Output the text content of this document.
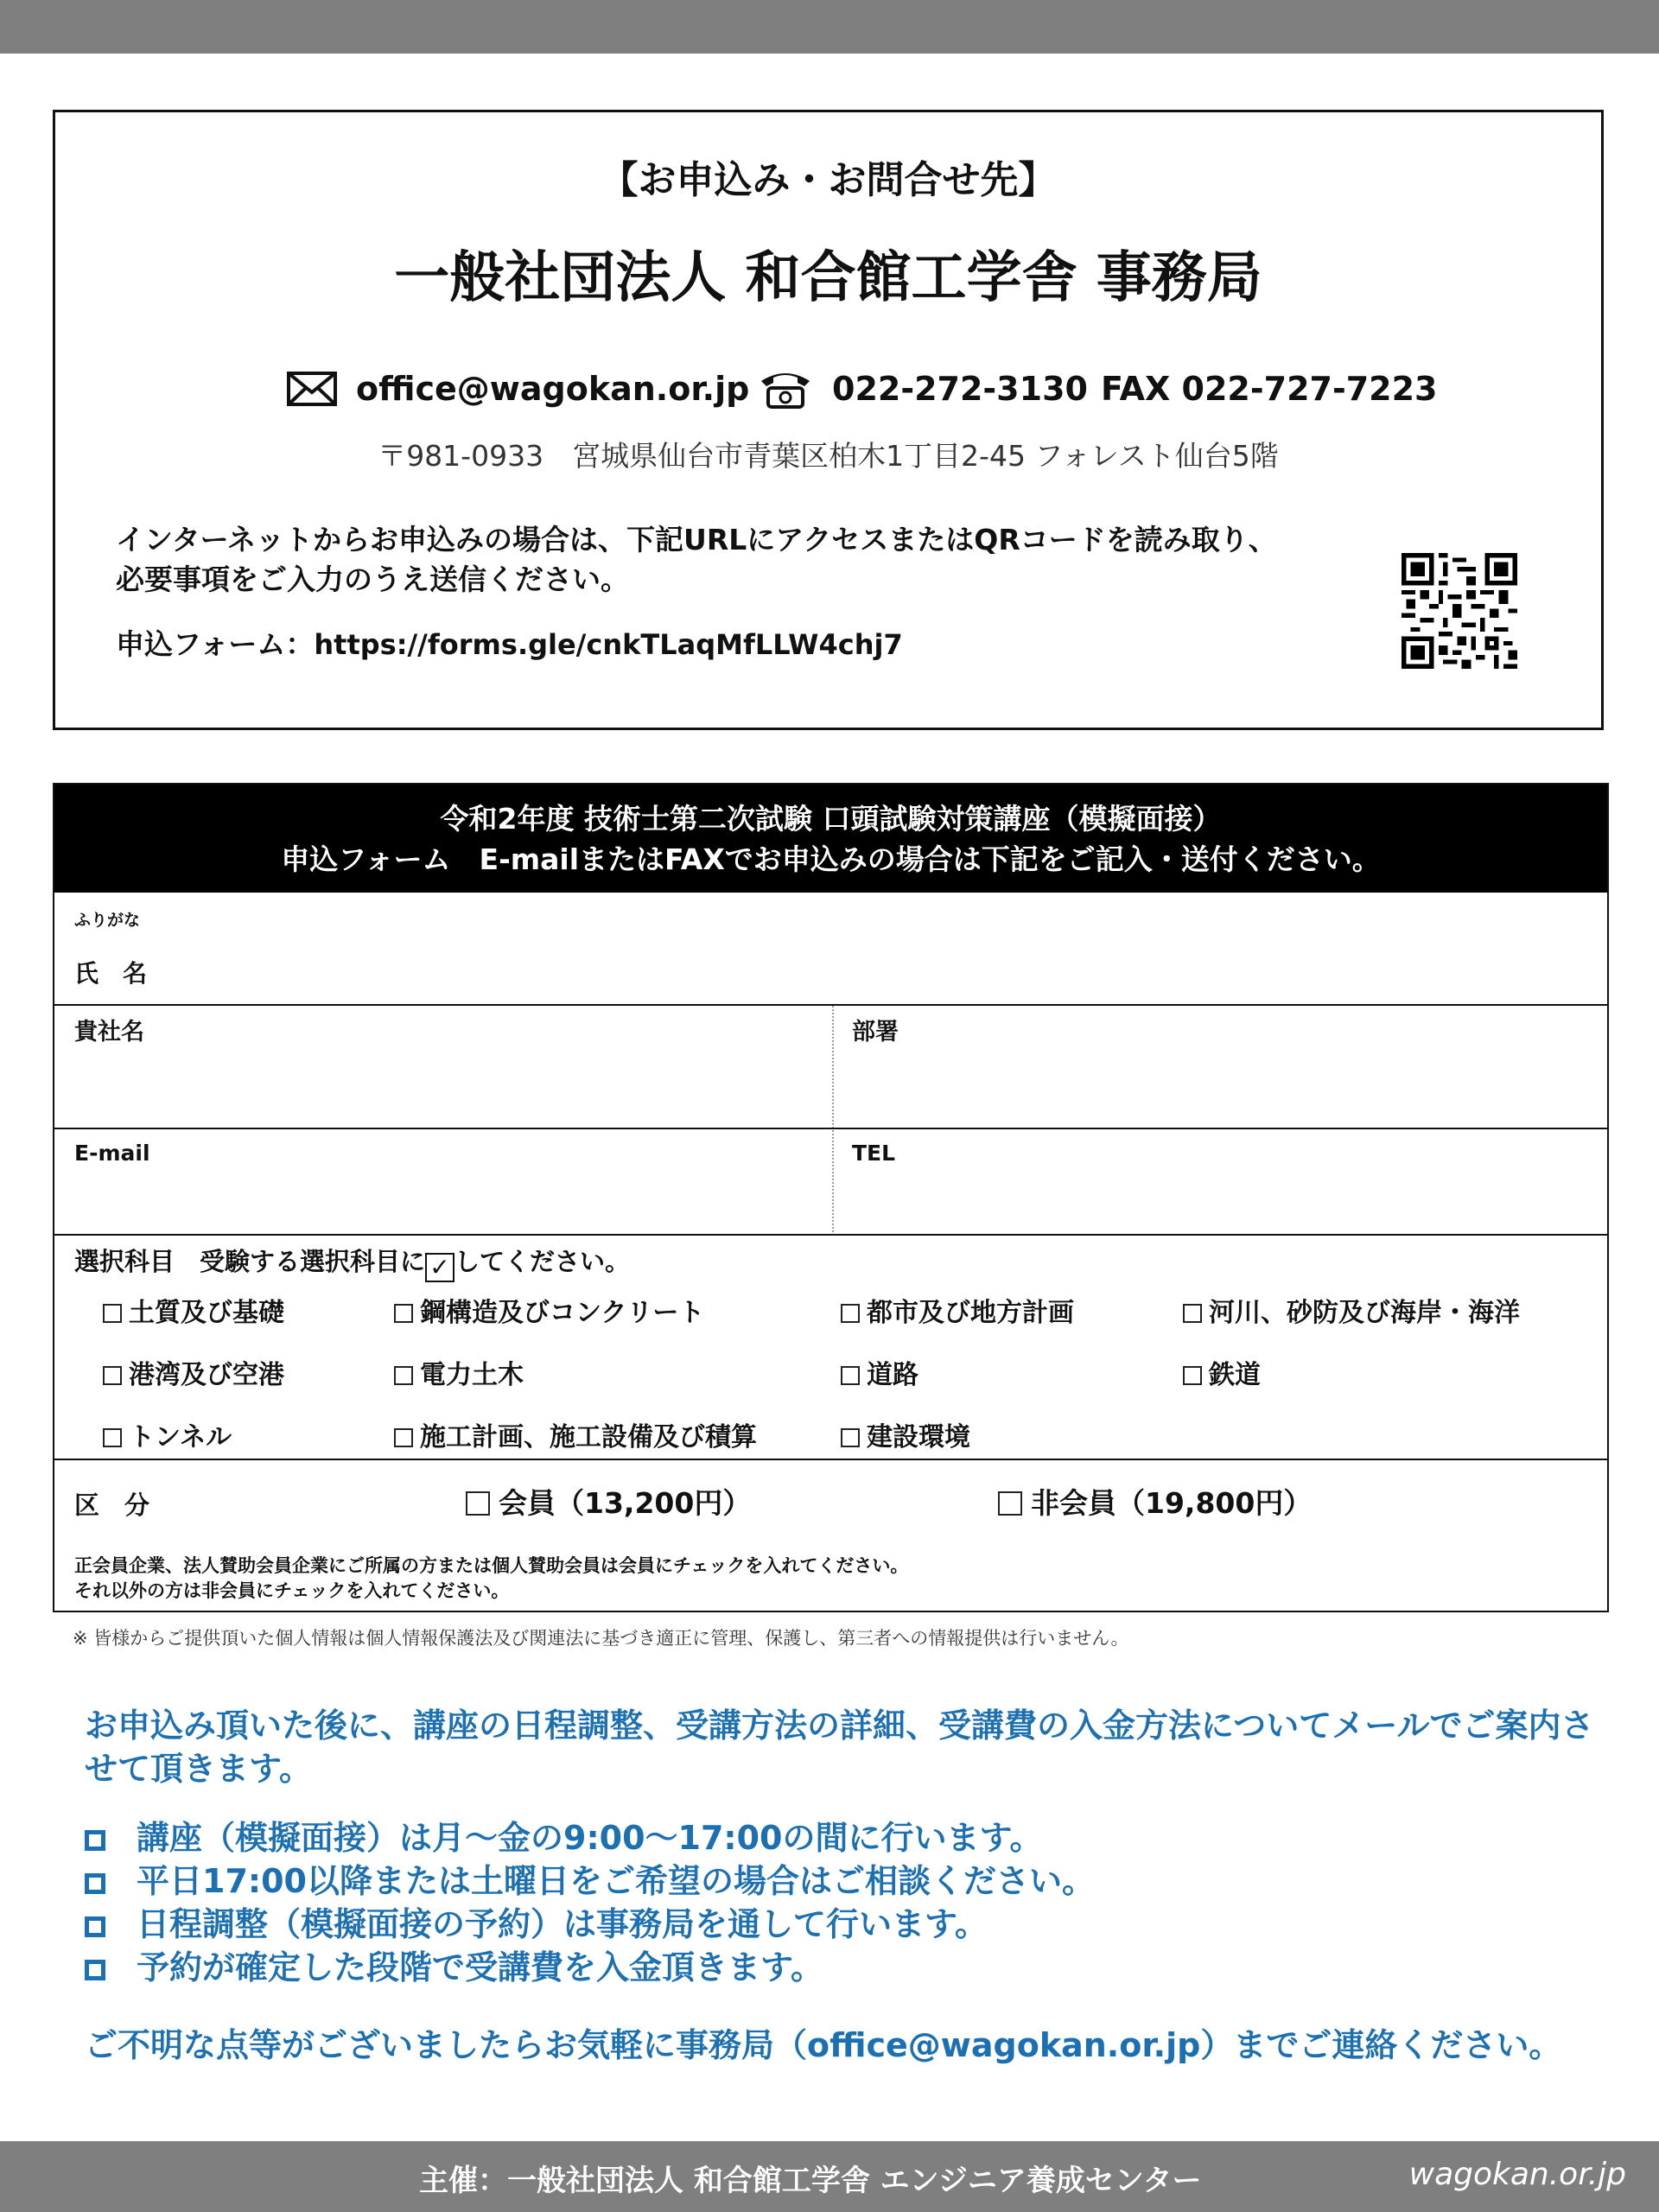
【お申込み・お問合せ先】
一般社団法人 和合館工学舎 事務局
office@wagokan.or.jp	022-272-3130 FAX 022-727-7223
〒981-0933　宮城県仙台市青葉区柏木1丁目2-45 フォレスト仙台5階
インターネットからお申込みの場合は、下記URLにアクセスまたはQRコードを読み取り、
必要事項をご入力のうえ送信ください。
申込フォーム：https://forms.gle/cnkTLaqMfLLW4chj7
令和2年度 技術士第二次試験 口頭試験対策講座（模擬面接）
申込フォーム　E-mailまたはFAXでお申込みの場合は下記をご記入・送付ください。
ふりがな
氏　名
貴社名	部署
E-mail	TEL
選択科目　受験する選択科目に ✓ してください。
土質及び基礎	鋼構造及びコンクリート	都市及び地方計画	河川、砂防及び海岸・海洋
港湾及び空港	電力土木	道路	鉄道
トンネル	施工計画、施工設備及び積算	建設環境
区　分	会員（13,200円）	非会員（19,800円）
正会員企業、法人賛助会員企業にご所属の方または個人賛助会員は会員にチェックを入れてください。
それ以外の方は非会員にチェックを入れてください。
※ 皆様からご提供頂いた個人情報は個人情報保護法及び関連法に基づき適正に管理、保護し、第三者への情報提供は行いません。
お申込み頂いた後に、講座の日程調整、受講方法の詳細、受講費の入金方法についてメールでご案内させて頂きます。
講座（模擬面接）は月～金の9:00～17:00の間に行います。
平日17:00以降または土曜日をご希望の場合はご相談ください。
日程調整（模擬面接の予約）は事務局を通して行います。
予約が確定した段階で受講費を入金頂きます。
ご不明な点等がございましたらお気軽に事務局（office@wagokan.or.jp）までご連絡ください。
主催：一般社団法人 和合館工学舎 エンジニア養成センター	wagokan.or.jp
